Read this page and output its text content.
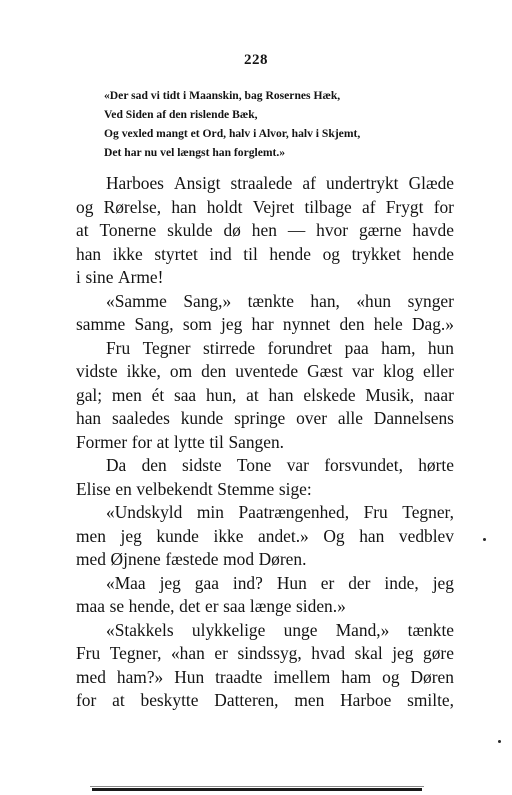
228
«Der sad vi tidt i Maanskin, bag Rosernes Hæk,
Ved Siden af den rislende Bæk,
Og vexled mangt et Ord, halv i Alvor, halv i Skjemt,
Det har nu vel længst han forglemt.»
Harboes Ansigt straalede af undertrykt Glæde
og Rørelse, han holdt Vejret tilbage af Frygt for
at Tonerne skulde dø hen — hvor gærne havde
han ikke styrtet ind til hende og trykket hende
i sine Arme!
«Samme Sang,» tænkte han, «hun synger
samme Sang, som jeg har nynnet den hele Dag.»
Fru Tegner stirrede forundret paa ham, hun
vidste ikke, om den uventede Gæst var klog eller
gal; men ét saa hun, at han elskede Musik, naar
han saaledes kunde springe over alle Dannelsens
Former for at lytte til Sangen.
Da den sidste Tone var forsvundet, hørte
Elise en velbekendt Stemme sige:
«Undskyld min Paatrængenhed, Fru Tegner,
men jeg kunde ikke andet.» Og han vedblev
med Øjnene fæstede mod Døren.
«Maa jeg gaa ind? Hun er der inde, jeg
maa se hende, det er saa længe siden.»
«Stakkels ulykkelige unge Mand,» tænkte
Fru Tegner, «han er sindssyg, hvad skal jeg gøre
med ham?» Hun traadte imellem ham og Døren
for at beskytte Datteren, men Harboe smilte,
